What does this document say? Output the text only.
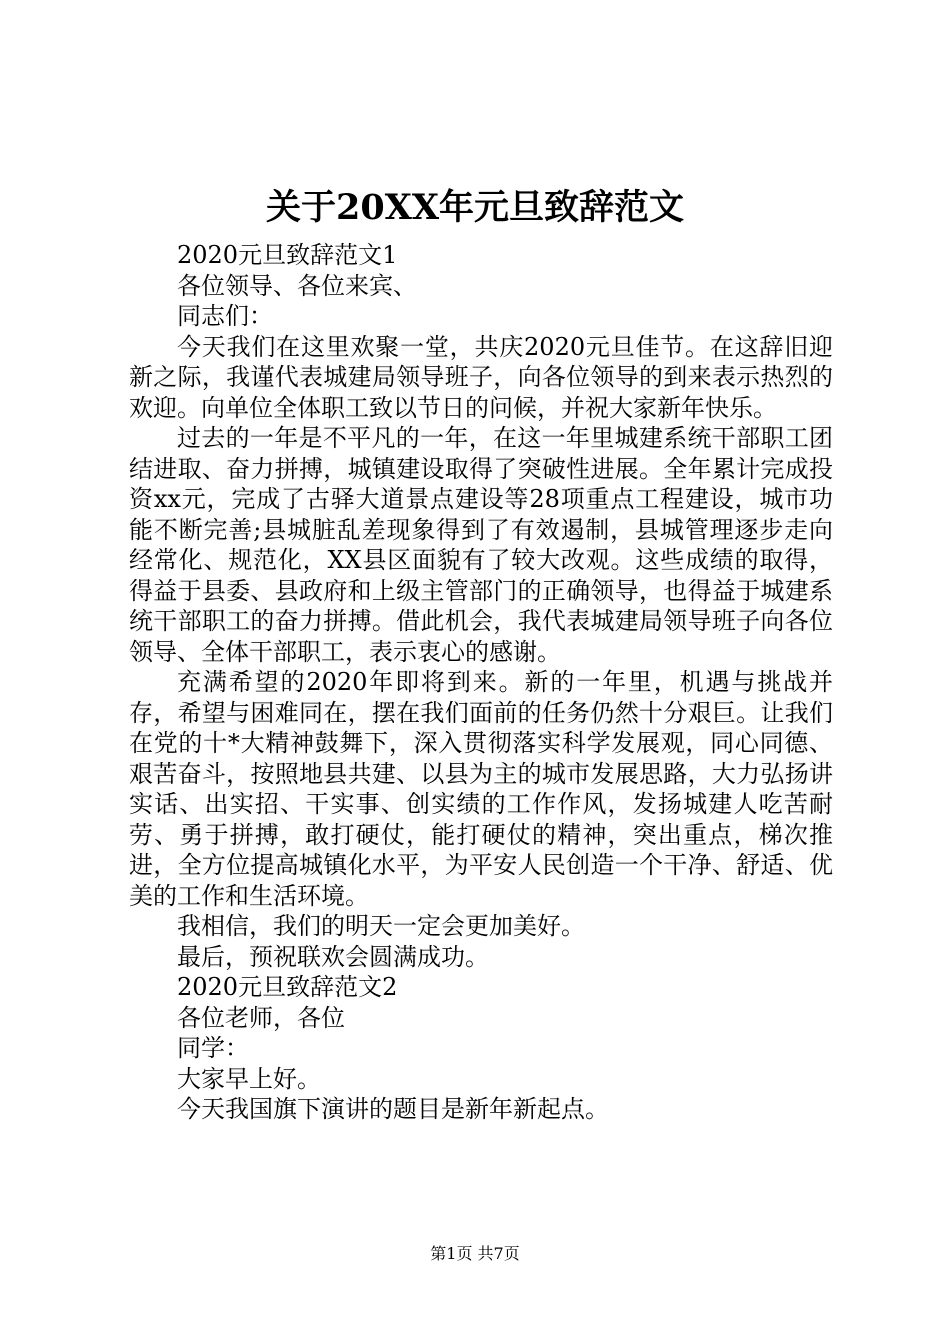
关于20XX年元旦致辞范文

2020元旦致辞范文1

各位领导、各位来宾、

同志们：

今天我们在这里欢聚一堂，共庆2020元旦佳节。在这辞旧迎新之际，我谨代表城建局领导班子，向各位领导的到来表示热烈的欢迎。向单位全体职工致以节日的问候，并祝大家新年快乐。

过去的一年是不平凡的一年，在这一年里城建系统干部职工团结进取、奋力拼搏，城镇建设取得了突破性进展。全年累计完成投资xx元，完成了古驿大道景点建设等28项重点工程建设，城市功能不断完善;县城脏乱差现象得到了有效遏制，县城管理逐步走向经常化、规范化，XX县区面貌有了较大改观。这些成绩的取得，得益于县委、县政府和上级主管部门的正确领导，也得益于城建系统干部职工的奋力拼搏。借此机会，我代表城建局领导班子向各位领导、全体干部职工，表示衷心的感谢。

充满希望的2020年即将到来。新的一年里，机遇与挑战并存，希望与困难同在，摆在我们面前的任务仍然十分艰巨。让我们在党的十*大精神鼓舞下，深入贯彻落实科学发展观，同心同德、艰苦奋斗，按照地县共建、以县为主的城市发展思路，大力弘扬讲实话、出实招、干实事、创实绩的工作作风，发扬城建人吃苦耐劳、勇于拼搏，敢打硬仗，能打硬仗的精神，突出重点，梯次推进，全方位提高城镇化水平，为平安人民创造一个干净、舒适、优美的工作和生活环境。

我相信，我们的明天一定会更加美好。

最后，预祝联欢会圆满成功。

2020元旦致辞范文2

各位老师，各位

同学：

大家早上好。

今天我国旗下演讲的题目是新年新起点。

第1页 共7页
